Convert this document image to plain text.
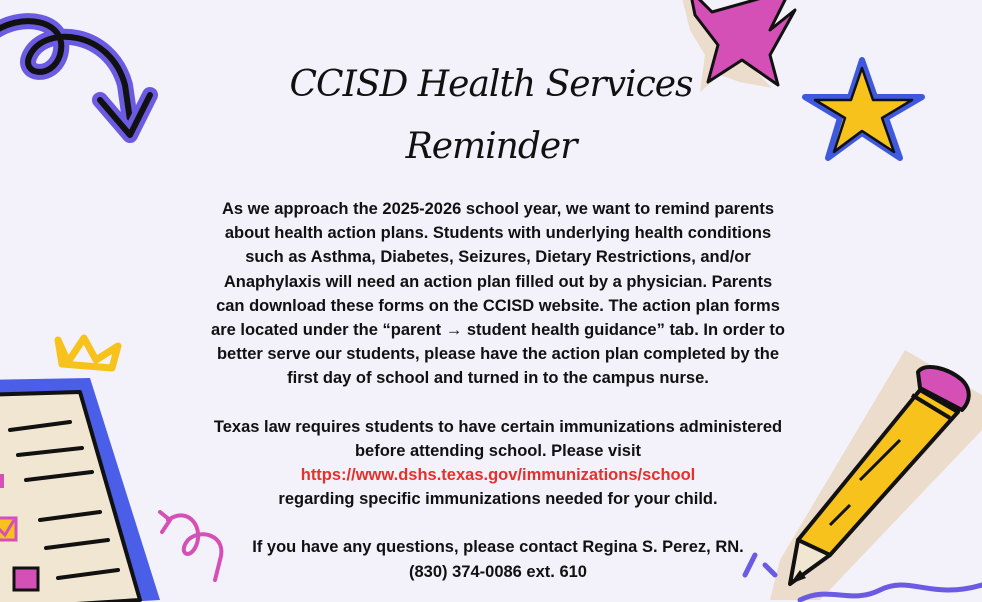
CCISD Health Services
Reminder

As we approach the 2025-2026 school year, we want to remind parents about health action plans. Students with underlying health conditions such as Asthma, Diabetes, Seizures, Dietary Restrictions, and/or Anaphylaxis will need an action plan filled out by a physician. Parents can download these forms on the CCISD website. The action plan forms are located under the “parent → student health guidance” tab. In order to better serve our students, please have the action plan completed by the first day of school and turned in to the campus nurse.

Texas law requires students to have certain immunizations administered before attending school. Please visit

https://www.dshs.texas.gov/immunizations/school

regarding specific immunizations needed for your child.

If you have any questions, please contact Regina S. Perez, RN.

(830) 374-0086 ext. 610
